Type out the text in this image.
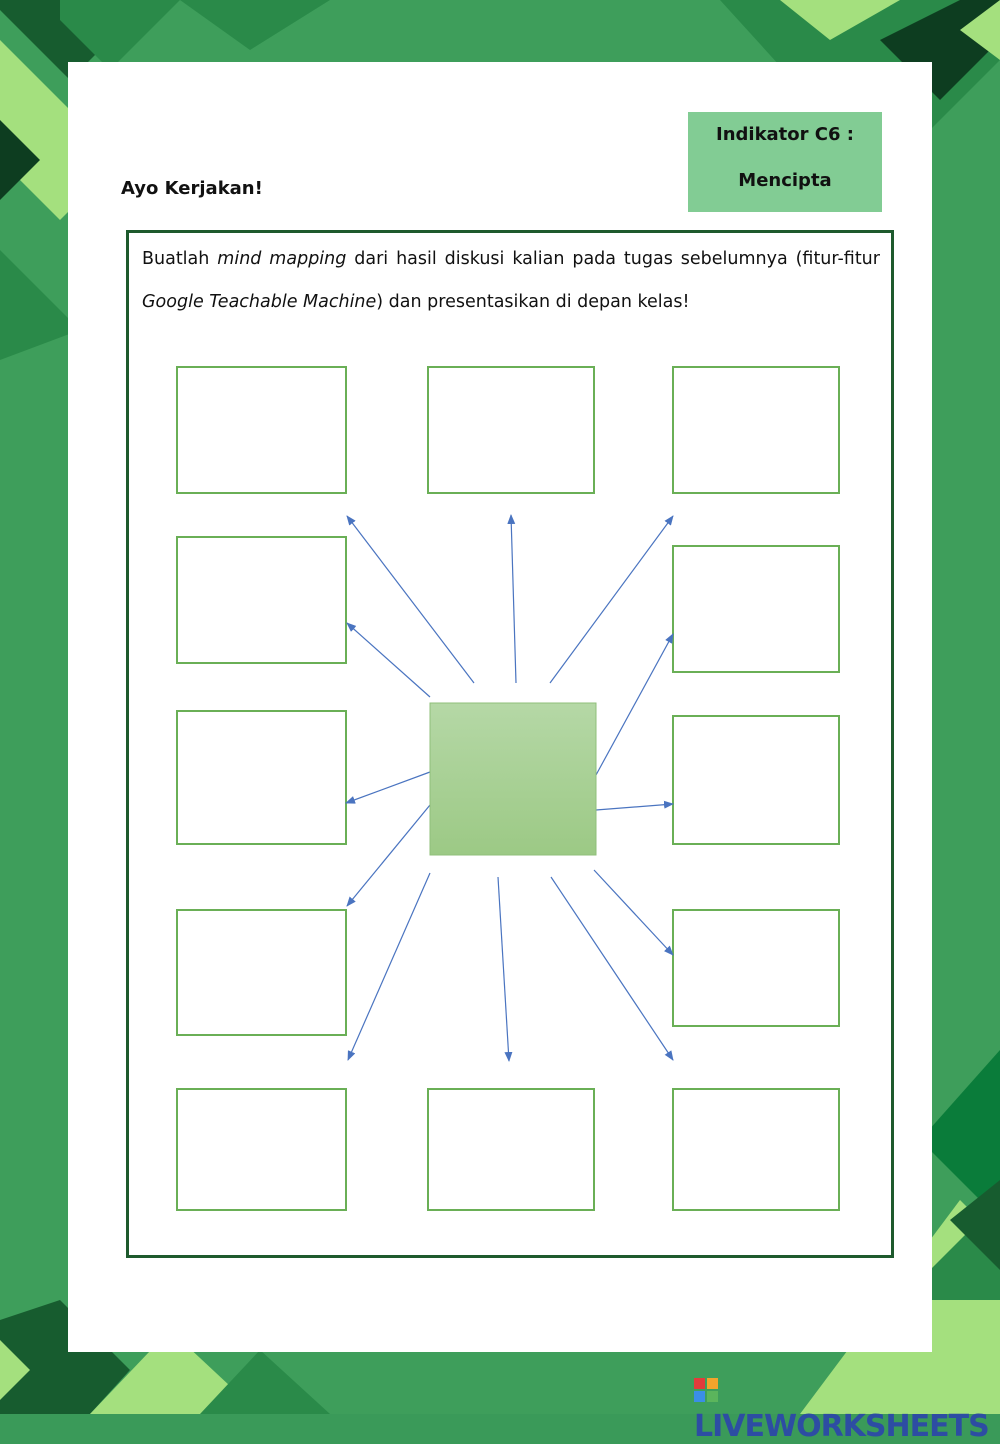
Ayo Kerjakan!
Indikator C6 :
Mencipta
Buatlah mind mapping dari hasil diskusi kalian pada tugas sebelumnya (fitur-fitur Google Teachable Machine) dan presentasikan di depan kelas!
LIVEWORKSHEETS
